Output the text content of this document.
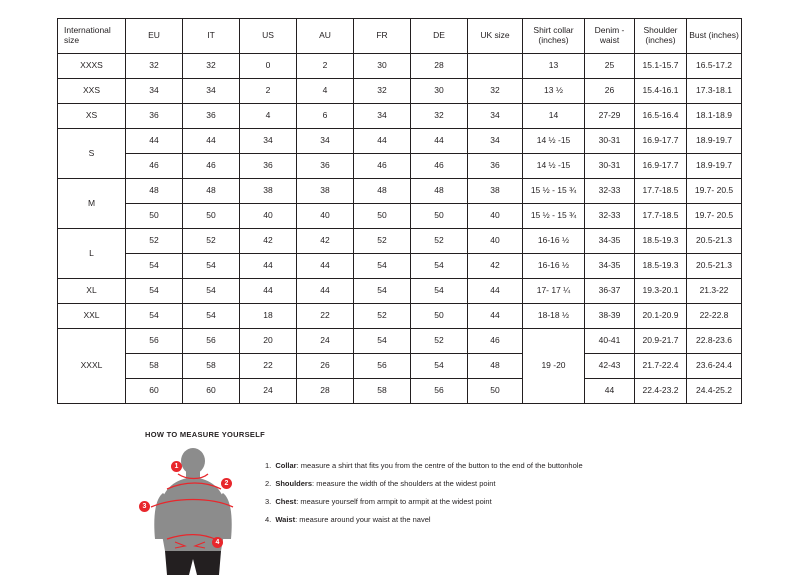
International size	EU	IT	US	AU	FR	DE	UK size	Shirt collar (inches)	Denim - waist	Shoulder (inches)	Bust (inches)
XXXS	32	32	0	2	30	28		13	25	15.1-15.7	16.5-17.2
XXS	34	34	2	4	32	30	32	13 ½	26	15.4-16.1	17.3-18.1
XS	36	36	4	6	34	32	34	14	27-29	16.5-16.4	18.1-18.9
S	44	44	34	34	44	44	34	14 ½ -15	30-31	16.9-17.7	18.9-19.7
	46	46	36	36	46	46	36	14 ½ -15	30-31	16.9-17.7	18.9-19.7
M	48	48	38	38	48	48	38	15 ½ - 15 ¾	32-33	17.7-18.5	19.7- 20.5
	50	50	40	40	50	50	40	15 ½ - 15 ¾	32-33	17.7-18.5	19.7- 20.5
L	52	52	42	42	52	52	40	16-16 ½	34-35	18.5-19.3	20.5-21.3
	54	54	44	44	54	54	42	16-16 ½	34-35	18.5-19.3	20.5-21.3
XL	54	54	44	44	54	54	44	17- 17 ¼	36-37	19.3-20.1	21.3-22
XXL	54	54	18	22	52	50	44	18-18 ½	38-39	20.1-20.9	22-22.8
XXXL	56	56	20	24	54	52	46	19 -20	40-41	20.9-21.7	22.8-23.6
	58	58	22	26	56	54	48		42-43	21.7-22.4	23.6-24.4
	60	60	24	28	58	56	50		44	22.4-23.2	24.4-25.2
HOW TO MEASURE YOURSELF
1
2
3
4
1. Collar: measure a shirt that fits you from the centre of the button to the end of the buttonhole
2. Shoulders: measure the width of the shoulders at the widest point
3. Chest: measure yourself from armpit to armpit at the widest point
4. Waist: measure around your waist at the navel
